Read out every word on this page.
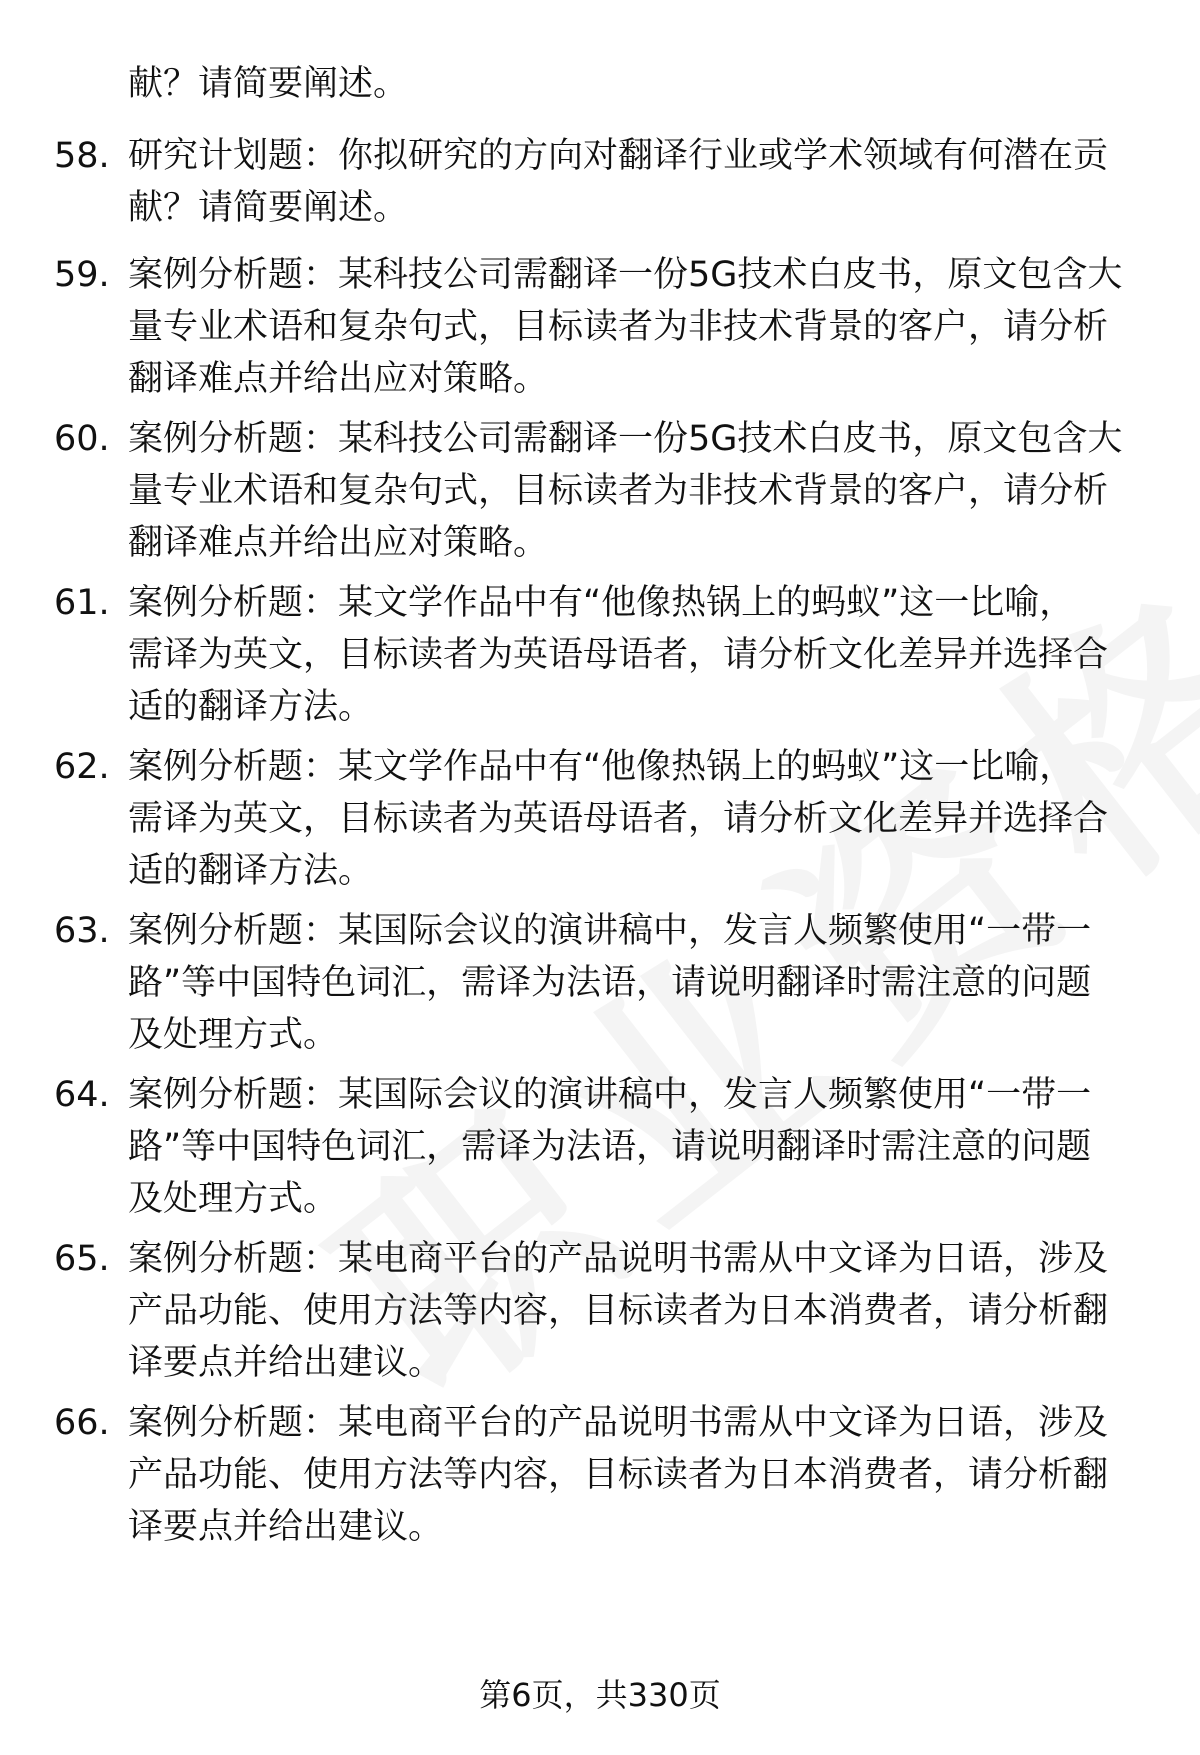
献？请简要阐述。
58. 研究计划题：你拟研究的方向对翻译行业或学术领域有何潜在贡
献？请简要阐述。
59. 案例分析题：某科技公司需翻译一份5G技术白皮书，原文包含大
量专业术语和复杂句式，目标读者为非技术背景的客户，请分析
翻译难点并给出应对策略。
60. 案例分析题：某科技公司需翻译一份5G技术白皮书，原文包含大
量专业术语和复杂句式，目标读者为非技术背景的客户，请分析
翻译难点并给出应对策略。
61. 案例分析题：某文学作品中有“他像热锅上的蚂蚁”这一比喻，
需译为英文，目标读者为英语母语者，请分析文化差异并选择合
适的翻译方法。
62. 案例分析题：某文学作品中有“他像热锅上的蚂蚁”这一比喻，
需译为英文，目标读者为英语母语者，请分析文化差异并选择合
适的翻译方法。
63. 案例分析题：某国际会议的演讲稿中，发言人频繁使用“一带一
路”等中国特色词汇，需译为法语，请说明翻译时需注意的问题
及处理方式。
64. 案例分析题：某国际会议的演讲稿中，发言人频繁使用“一带一
路”等中国特色词汇，需译为法语，请说明翻译时需注意的问题
及处理方式。
65. 案例分析题：某电商平台的产品说明书需从中文译为日语，涉及
产品功能、使用方法等内容，目标读者为日本消费者，请分析翻
译要点并给出建议。
66. 案例分析题：某电商平台的产品说明书需从中文译为日语，涉及
产品功能、使用方法等内容，目标读者为日本消费者，请分析翻
译要点并给出建议。
第6页，共330页
